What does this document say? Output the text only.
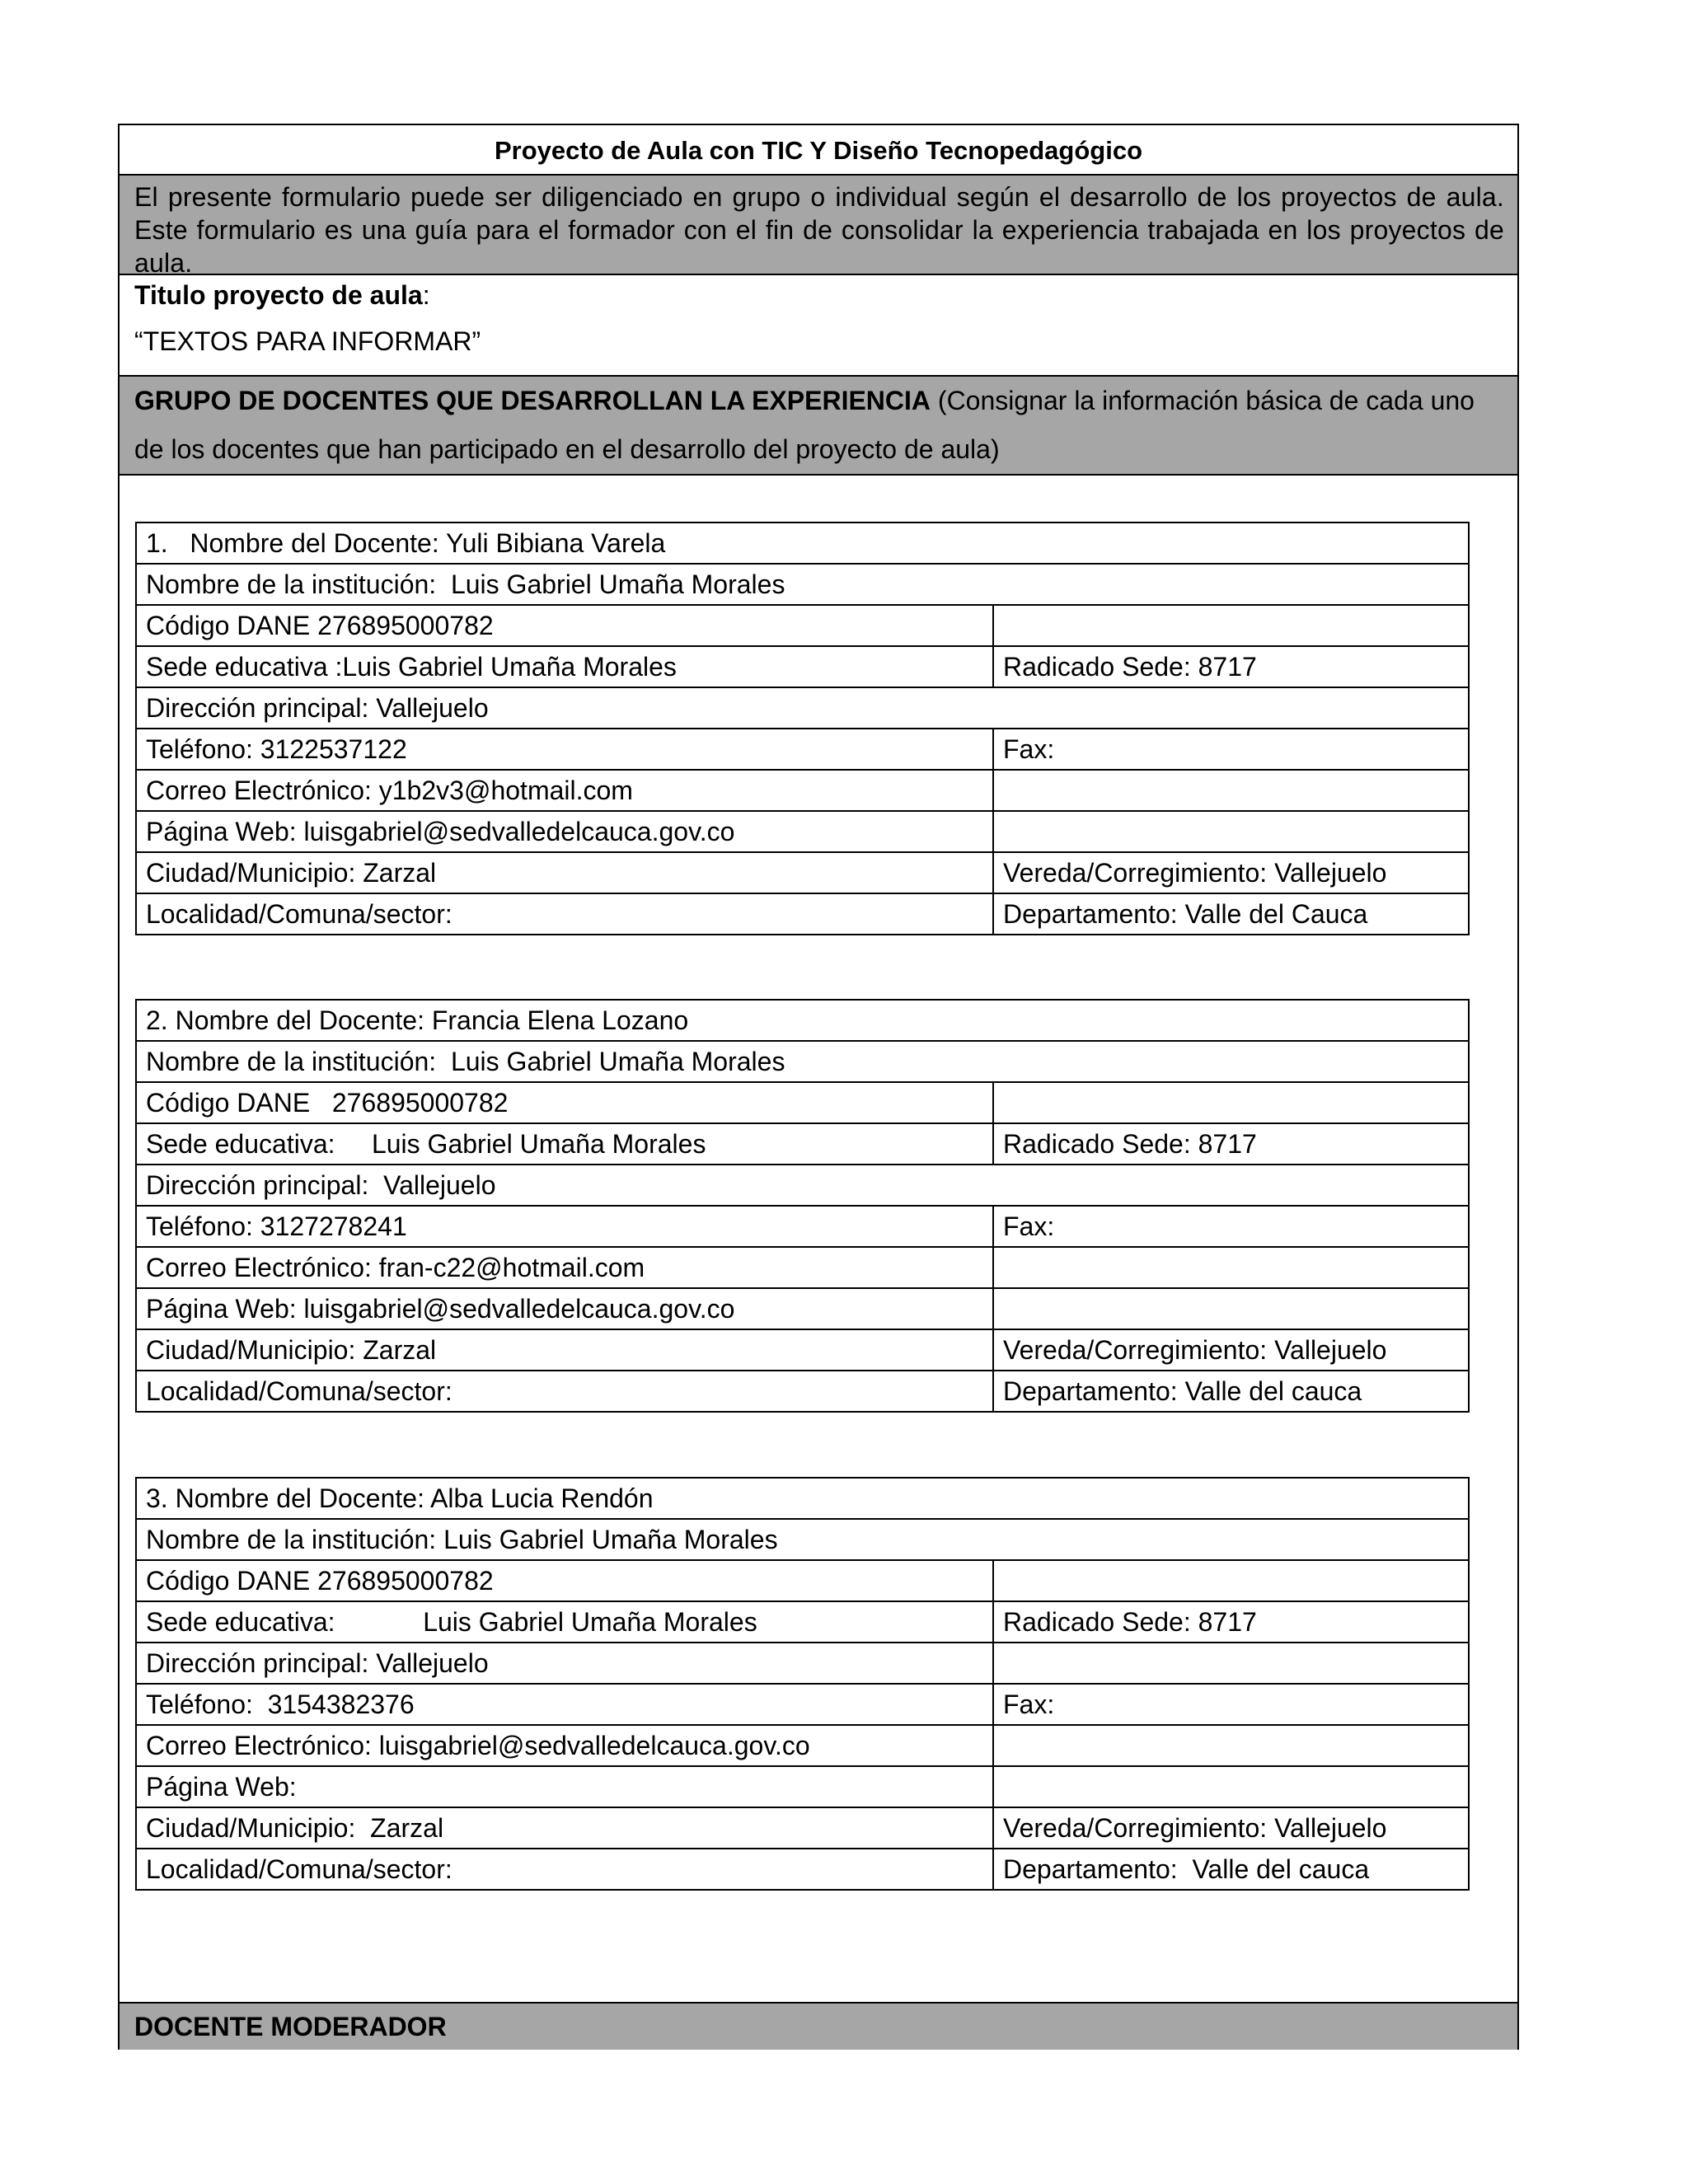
Proyecto de Aula con TIC Y Diseño Tecnopedagógico
El presente formulario puede ser diligenciado en grupo o individual según el desarrollo de los proyectos de aula. Este formulario es una guía para el formador con el fin de consolidar la experiencia trabajada en los proyectos de aula.
Titulo proyecto de aula:
“TEXTOS PARA INFORMAR”
GRUPO DE DOCENTES QUE DESARROLLAN LA EXPERIENCIA (Consignar la información básica de cada uno de los docentes que han participado en el desarrollo del proyecto de aula)
1.   Nombre del Docente: Yuli Bibiana Varela	
Nombre de la institución:  Luis Gabriel Umaña Morales	
Código DANE 276895000782	
Sede educativa :Luis Gabriel Umaña Morales	Radicado Sede: 8717
Dirección principal: Vallejuelo	
Teléfono: 3122537122	Fax:
Correo Electrónico: y1b2v3@hotmail.com	
Página Web: luisgabriel@sedvalledelcauca.gov.co	
Ciudad/Municipio: Zarzal	Vereda/Corregimiento: Vallejuelo
Localidad/Comuna/sector:	Departamento: Valle del Cauca
2. Nombre del Docente: Francia Elena Lozano	
Nombre de la institución:  Luis Gabriel Umaña Morales	
Código DANE   276895000782	
Sede educativa:     Luis Gabriel Umaña Morales	Radicado Sede: 8717
Dirección principal:  Vallejuelo	
Teléfono: 3127278241	Fax:
Correo Electrónico: fran-c22@hotmail.com	
Página Web: luisgabriel@sedvalledelcauca.gov.co	
Ciudad/Municipio: Zarzal	Vereda/Corregimiento: Vallejuelo
Localidad/Comuna/sector:	Departamento: Valle del cauca
3. Nombre del Docente: Alba Lucia Rendón	
Nombre de la institución: Luis Gabriel Umaña Morales	
Código DANE 276895000782	
Sede educativa:            Luis Gabriel Umaña Morales	Radicado Sede: 8717
Dirección principal: Vallejuelo	
Teléfono:  3154382376	Fax:
Correo Electrónico: luisgabriel@sedvalledelcauca.gov.co	
Página Web:	
Ciudad/Municipio:  Zarzal	Vereda/Corregimiento: Vallejuelo
Localidad/Comuna/sector:	Departamento:  Valle del cauca
DOCENTE MODERADOR
